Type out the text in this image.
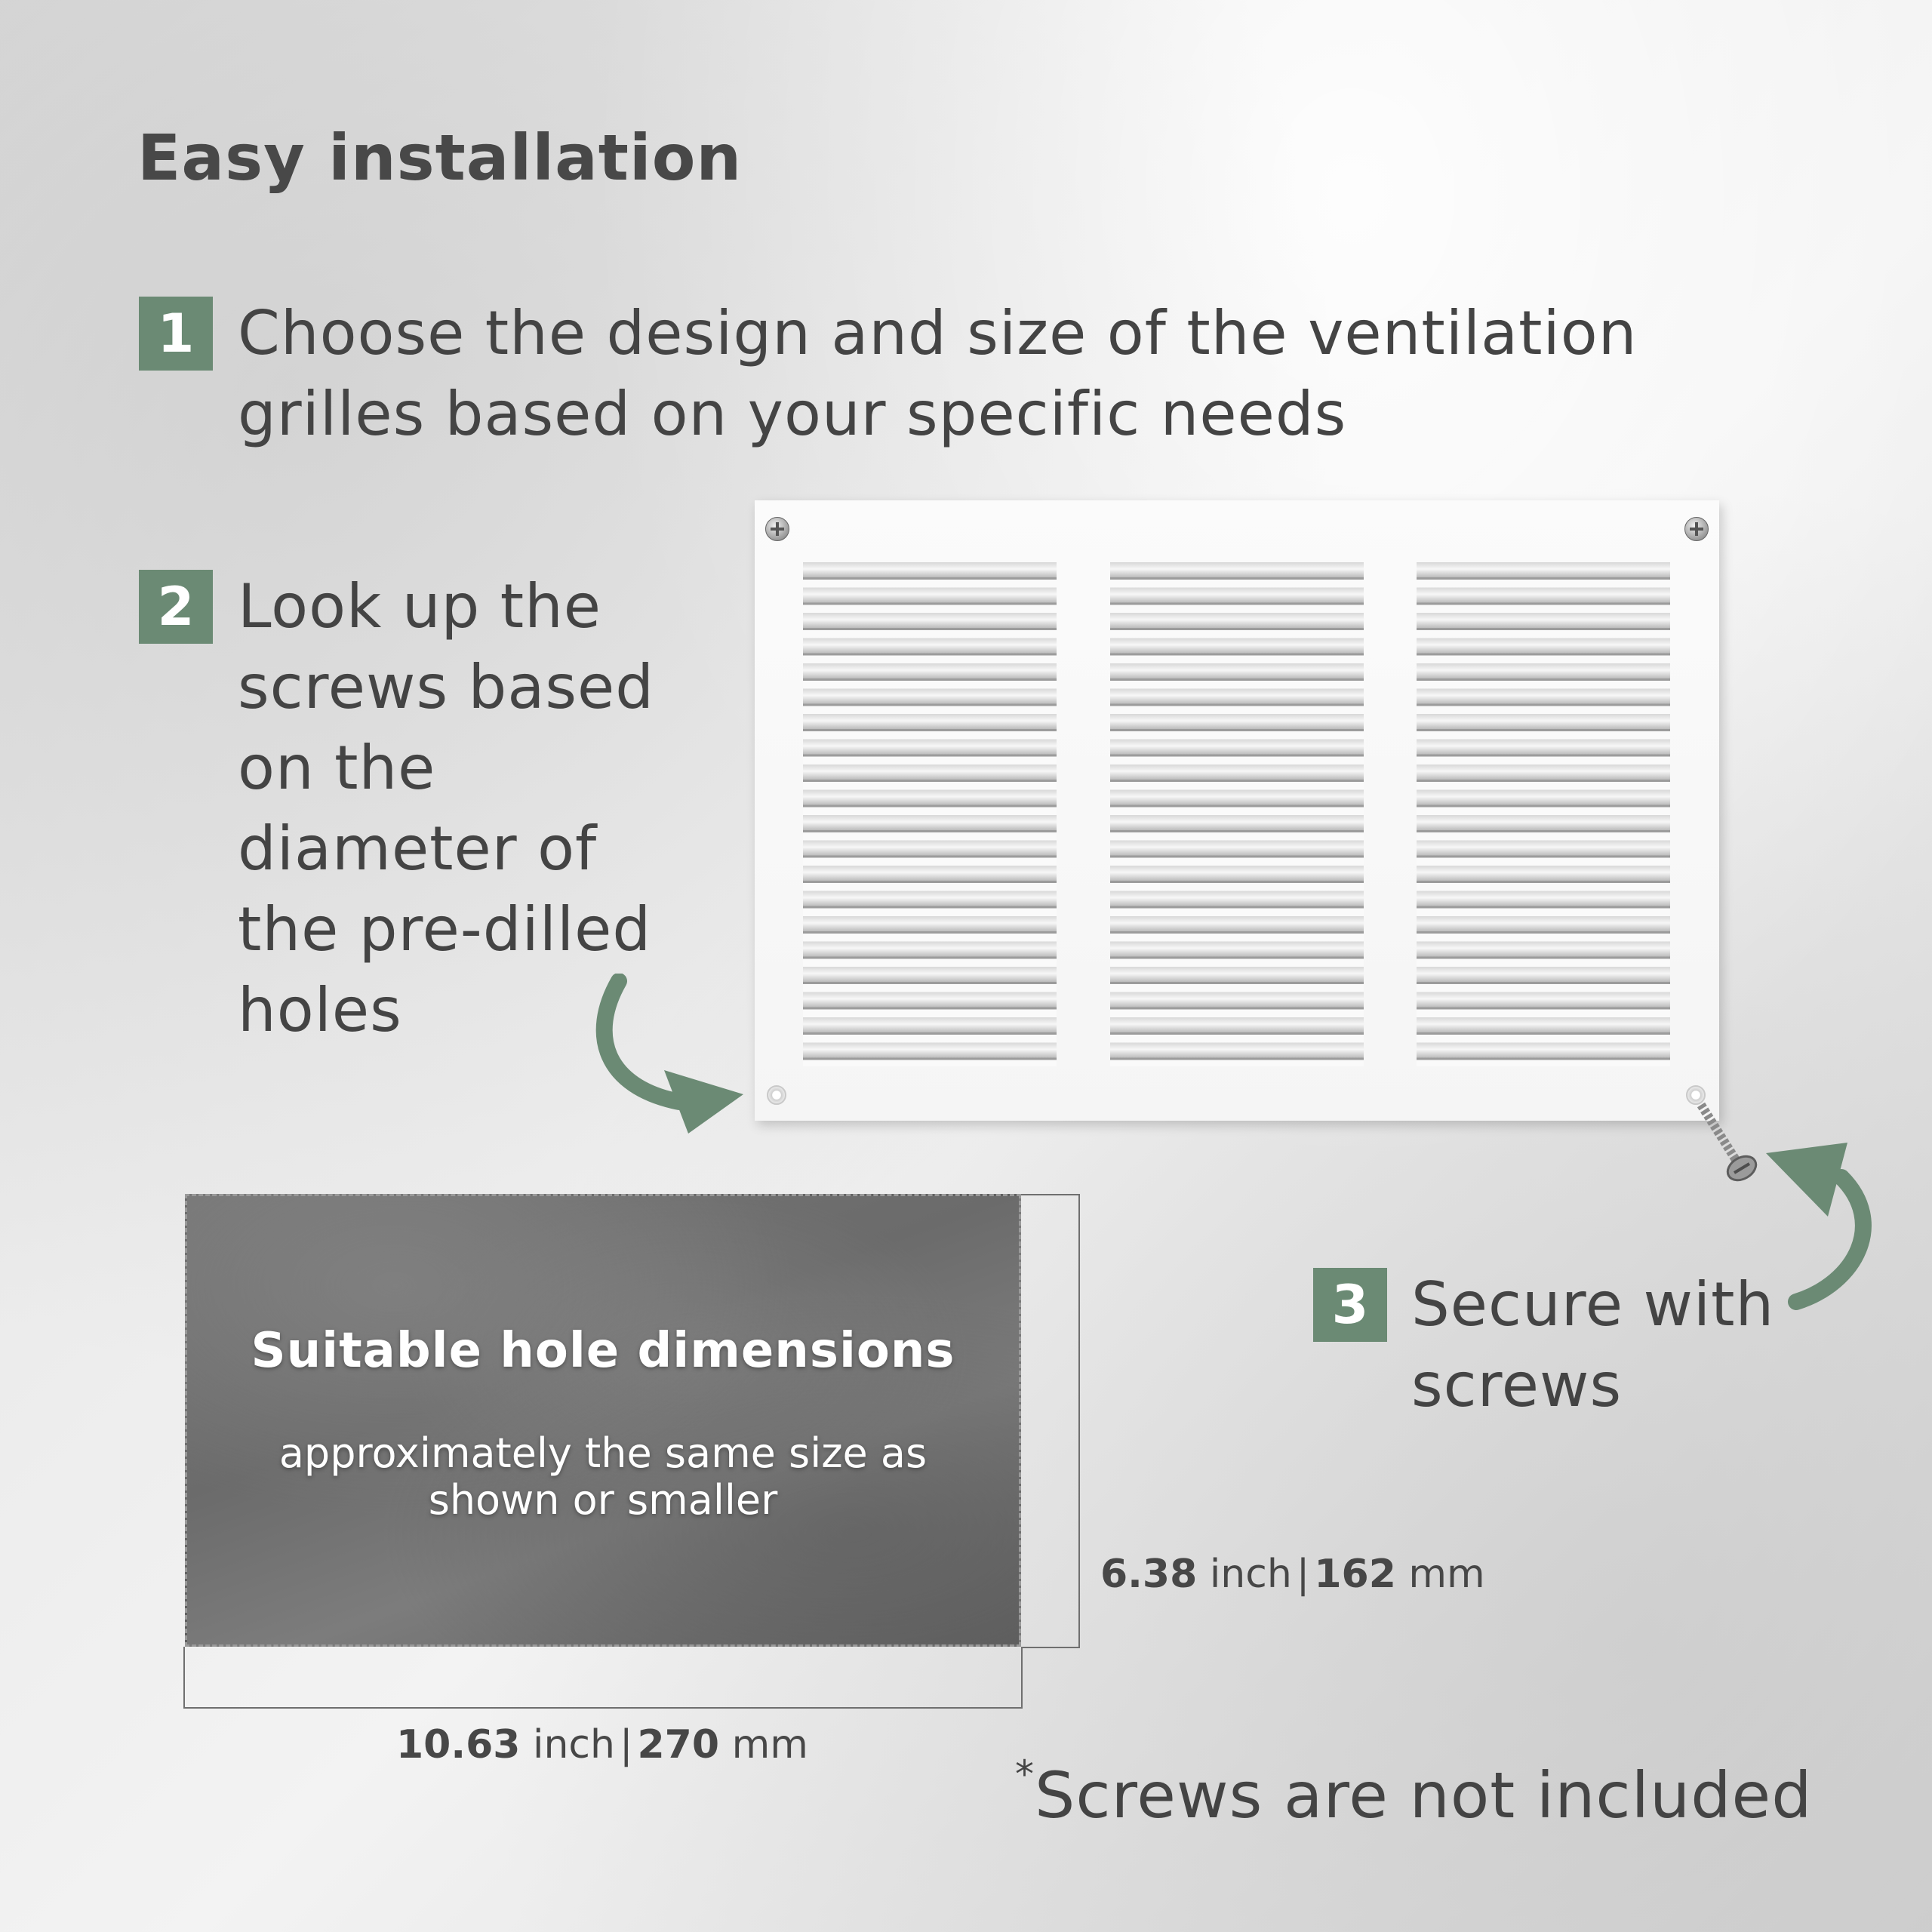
Easy installation
1 Choose the design and size of the ventilation
grilles based on your specific needs

2 Look up the
screws based
on the
diameter of
the pre-dilled
holes

3 Secure with
screws

Suitable hole dimensions

approximately the same size as
shown or smaller

6.38 inch | 162 mm

10.63 inch | 270 mm

*Screws are not included
